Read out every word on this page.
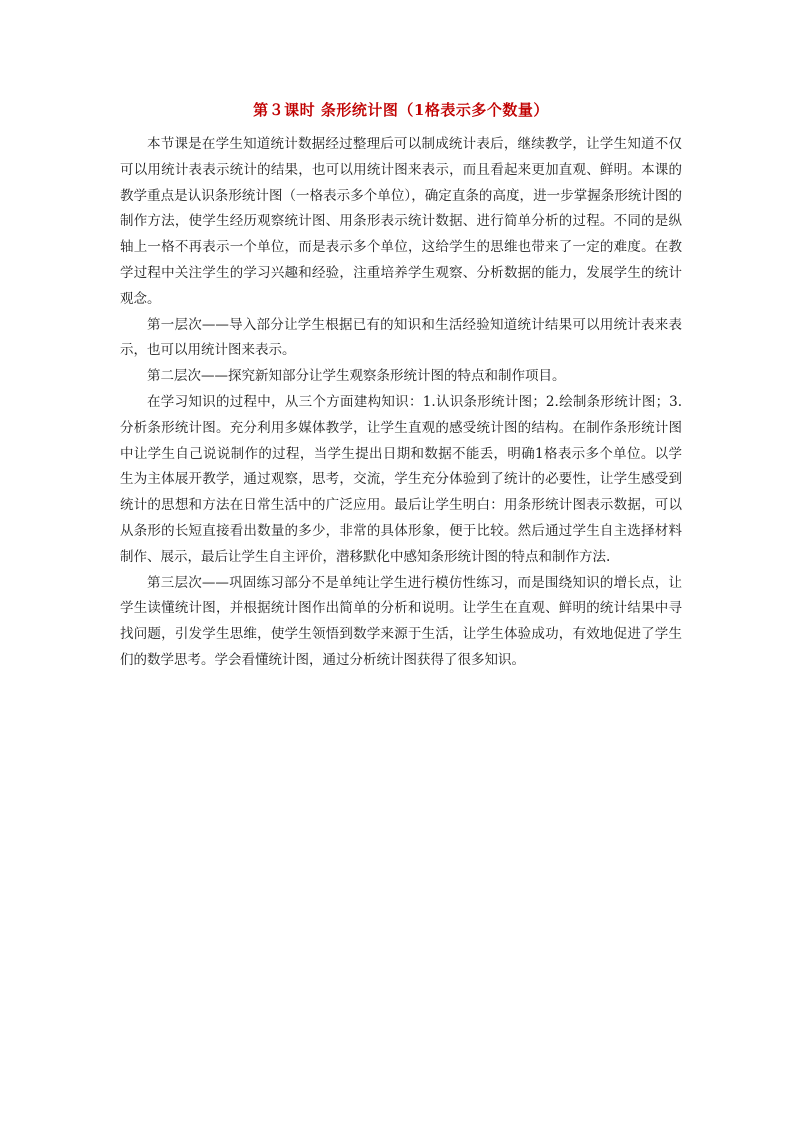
第３课时 条形统计图（1格表示多个数量）

本节课是在学生知道统计数据经过整理后可以制成统计表后，继续教学，让学生知道不仅可以用统计表表示统计的结果，也可以用统计图来表示，而且看起来更加直观、鲜明。本课的教学重点是认识条形统计图（一格表示多个单位），确定直条的高度，进一步掌握条形统计图的制作方法，使学生经历观察统计图、用条形表示统计数据、进行简单分析的过程。不同的是纵轴上一格不再表示一个单位，而是表示多个单位，这给学生的思维也带来了一定的难度。在教学过程中关注学生的学习兴趣和经验，注重培养学生观察、分析数据的能力，发展学生的统计观念。

第一层次——导入部分让学生根据已有的知识和生活经验知道统计结果可以用统计表来表示，也可以用统计图来表示。

第二层次——探究新知部分让学生观察条形统计图的特点和制作项目。

在学习知识的过程中，从三个方面建构知识：1.认识条形统计图；2.绘制条形统计图；3.分析条形统计图。充分利用多媒体教学，让学生直观的感受统计图的结构。在制作条形统计图中让学生自己说说制作的过程，当学生提出日期和数据不能丢，明确1格表示多个单位。以学生为主体展开教学，通过观察，思考，交流，学生充分体验到了统计的必要性，让学生感受到统计的思想和方法在日常生活中的广泛应用。最后让学生明白：用条形统计图表示数据，可以从条形的长短直接看出数量的多少，非常的具体形象，便于比较。然后通过学生自主选择材料制作、展示，最后让学生自主评价，潜移默化中感知条形统计图的特点和制作方法.

第三层次——巩固练习部分不是单纯让学生进行模仿性练习，而是围绕知识的增长点，让学生读懂统计图，并根据统计图作出简单的分析和说明。让学生在直观、鲜明的统计结果中寻找问题，引发学生思维，使学生领悟到数学来源于生活，让学生体验成功，有效地促进了学生们的数学思考。学会看懂统计图，通过分析统计图获得了很多知识。
